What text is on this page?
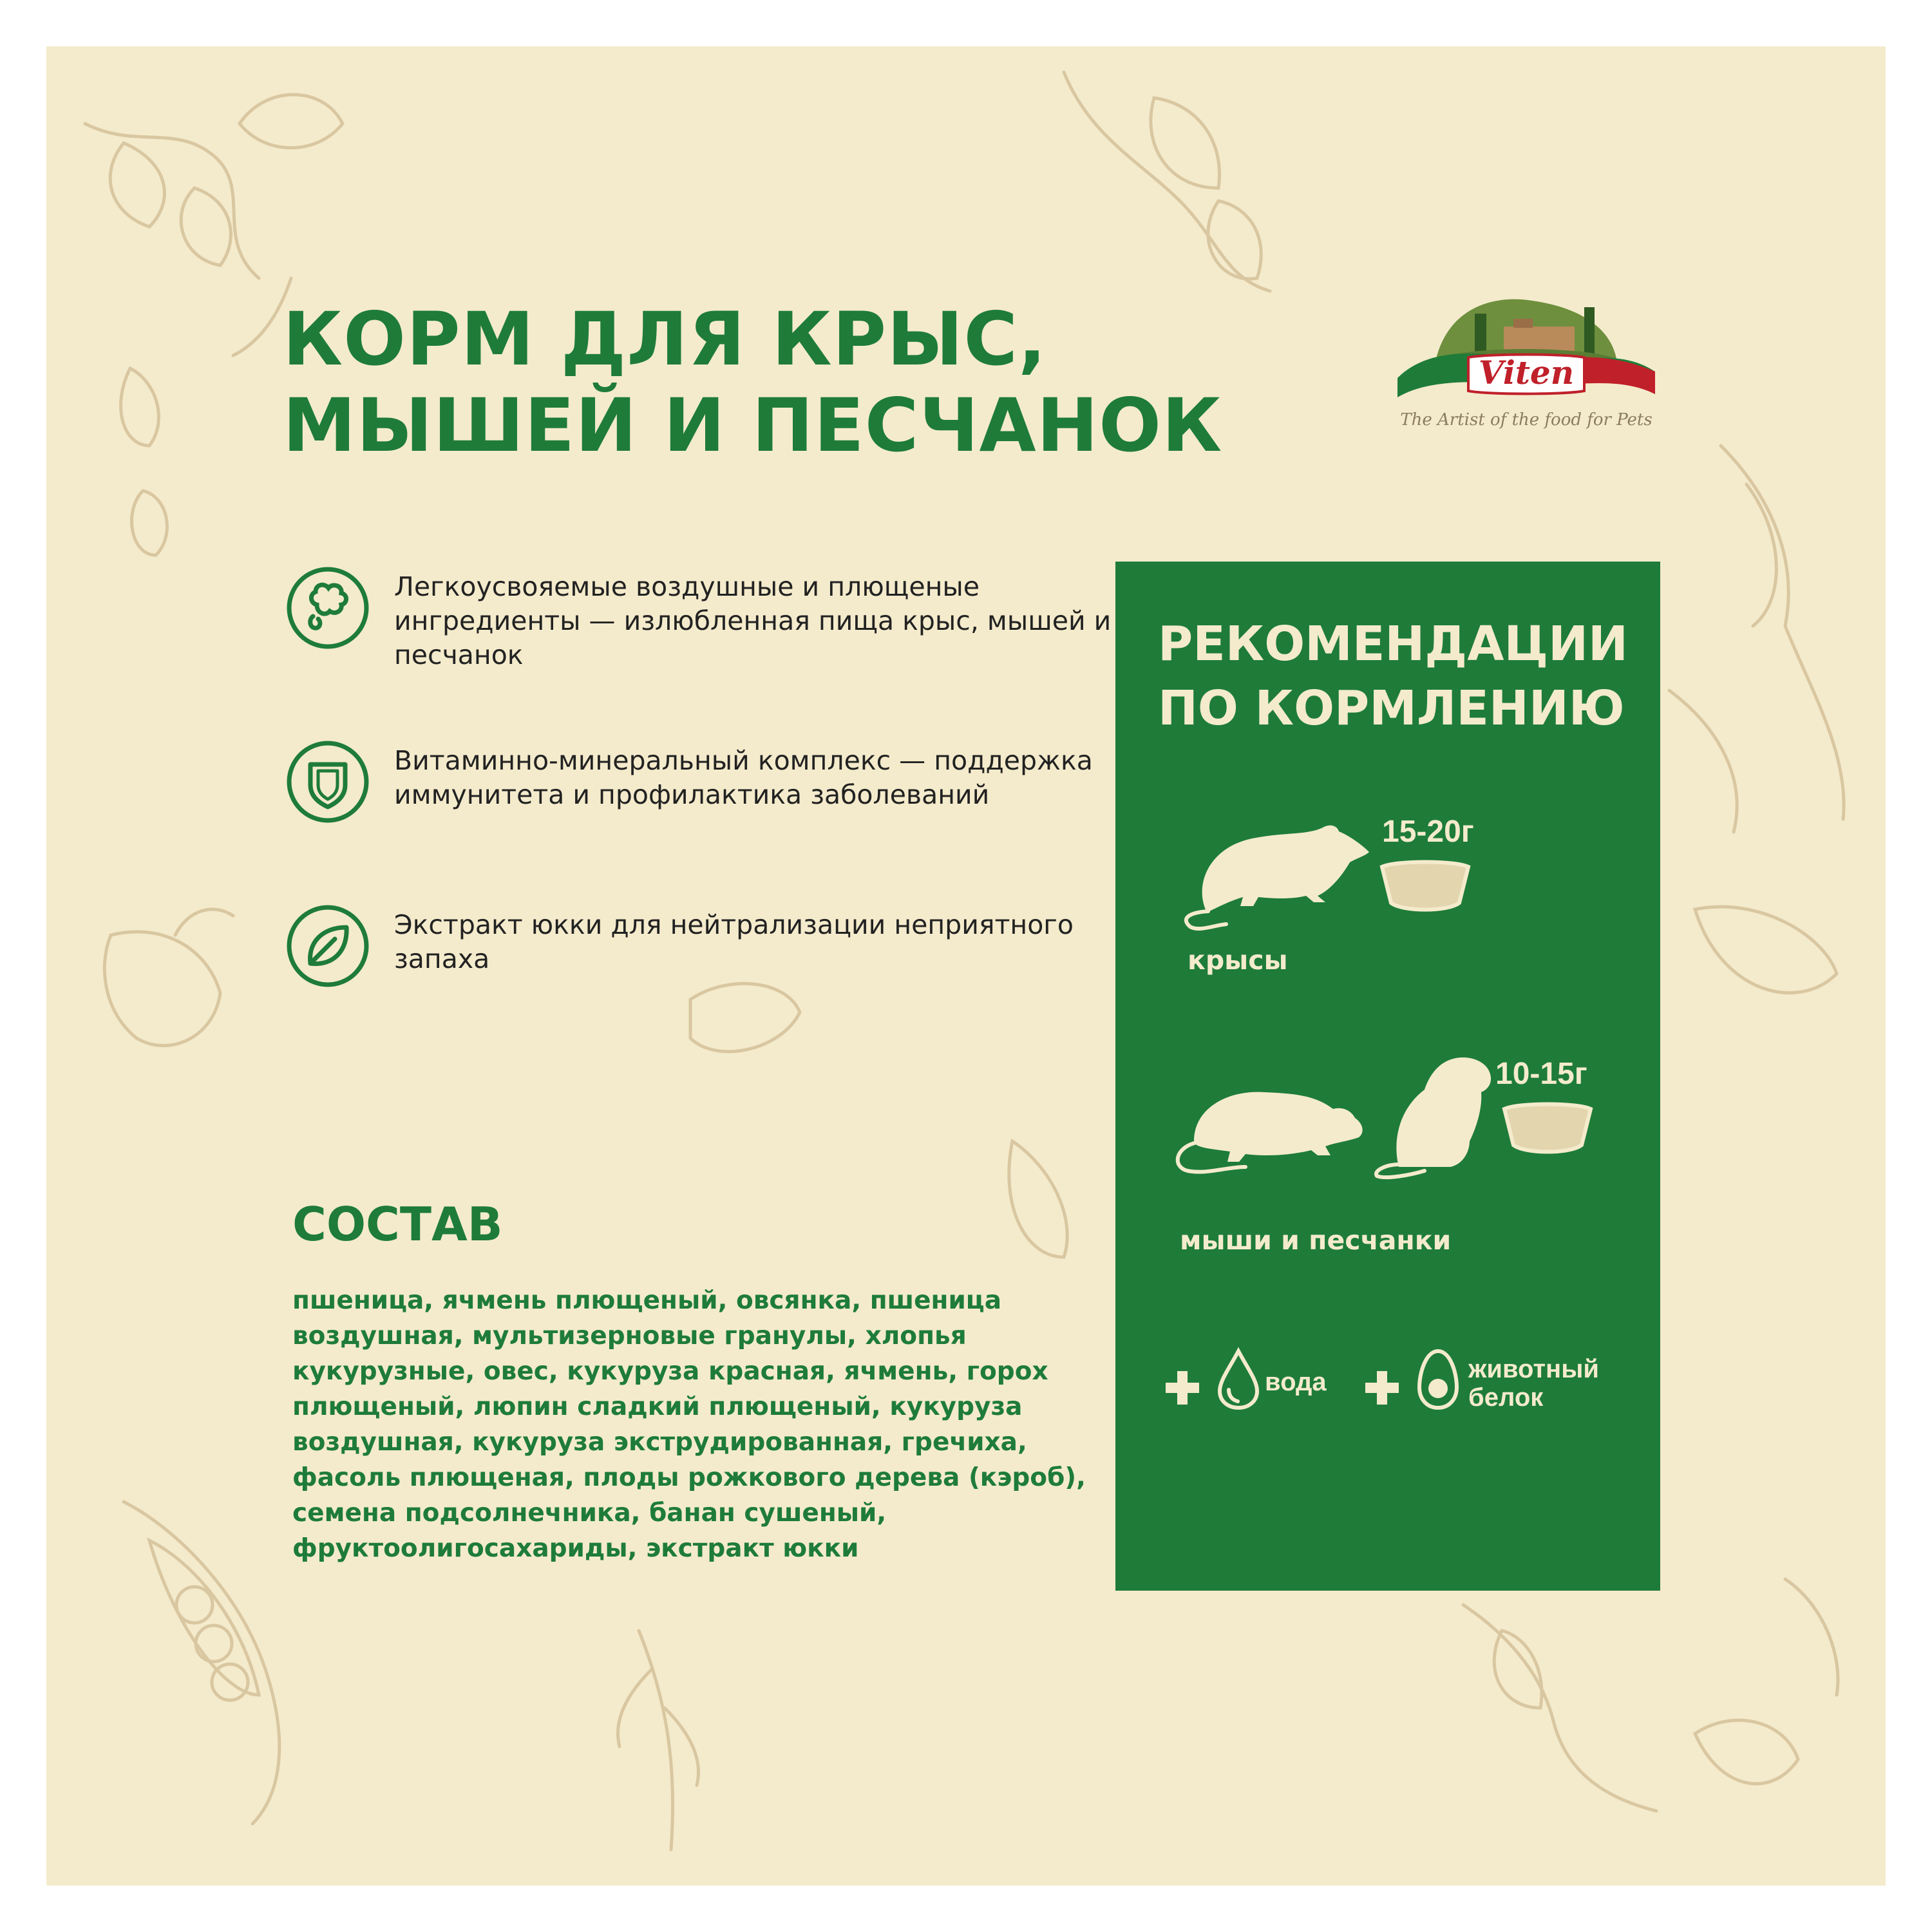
КОРМ ДЛЯ КРЫС,
МЫШЕЙ И ПЕСЧАНОК
Viten
The Artist of the food for Pets
Легкоусвояемые воздушные и плющеные ингредиенты — излюбленная пища крыс, мышей и песчанок
Витаминно-минеральный комплекс — поддержка иммунитета и профилактика заболеваний
Экстракт юкки для нейтрализации неприятного запаха
СОСТАВ

пшеница, ячмень плющеный, овсянка, пшеница воздушная, мультизерновые гранулы, хлопья кукурузные, овес, кукуруза красная, ячмень, горох плющеный, люпин сладкий плющеный, кукуруза воздушная, кукуруза экструдированная, гречиха, фасоль плющеная, плоды рожкового дерева (кэроб), семена подсолнечника, банан сушеный, фруктоолигосахариды, экстракт юкки

РЕКОМЕНДАЦИИ
ПО КОРМЛЕНИЮ
15-20г
крысы
10-15г
мыши и песчанки
вода	животный
белок
